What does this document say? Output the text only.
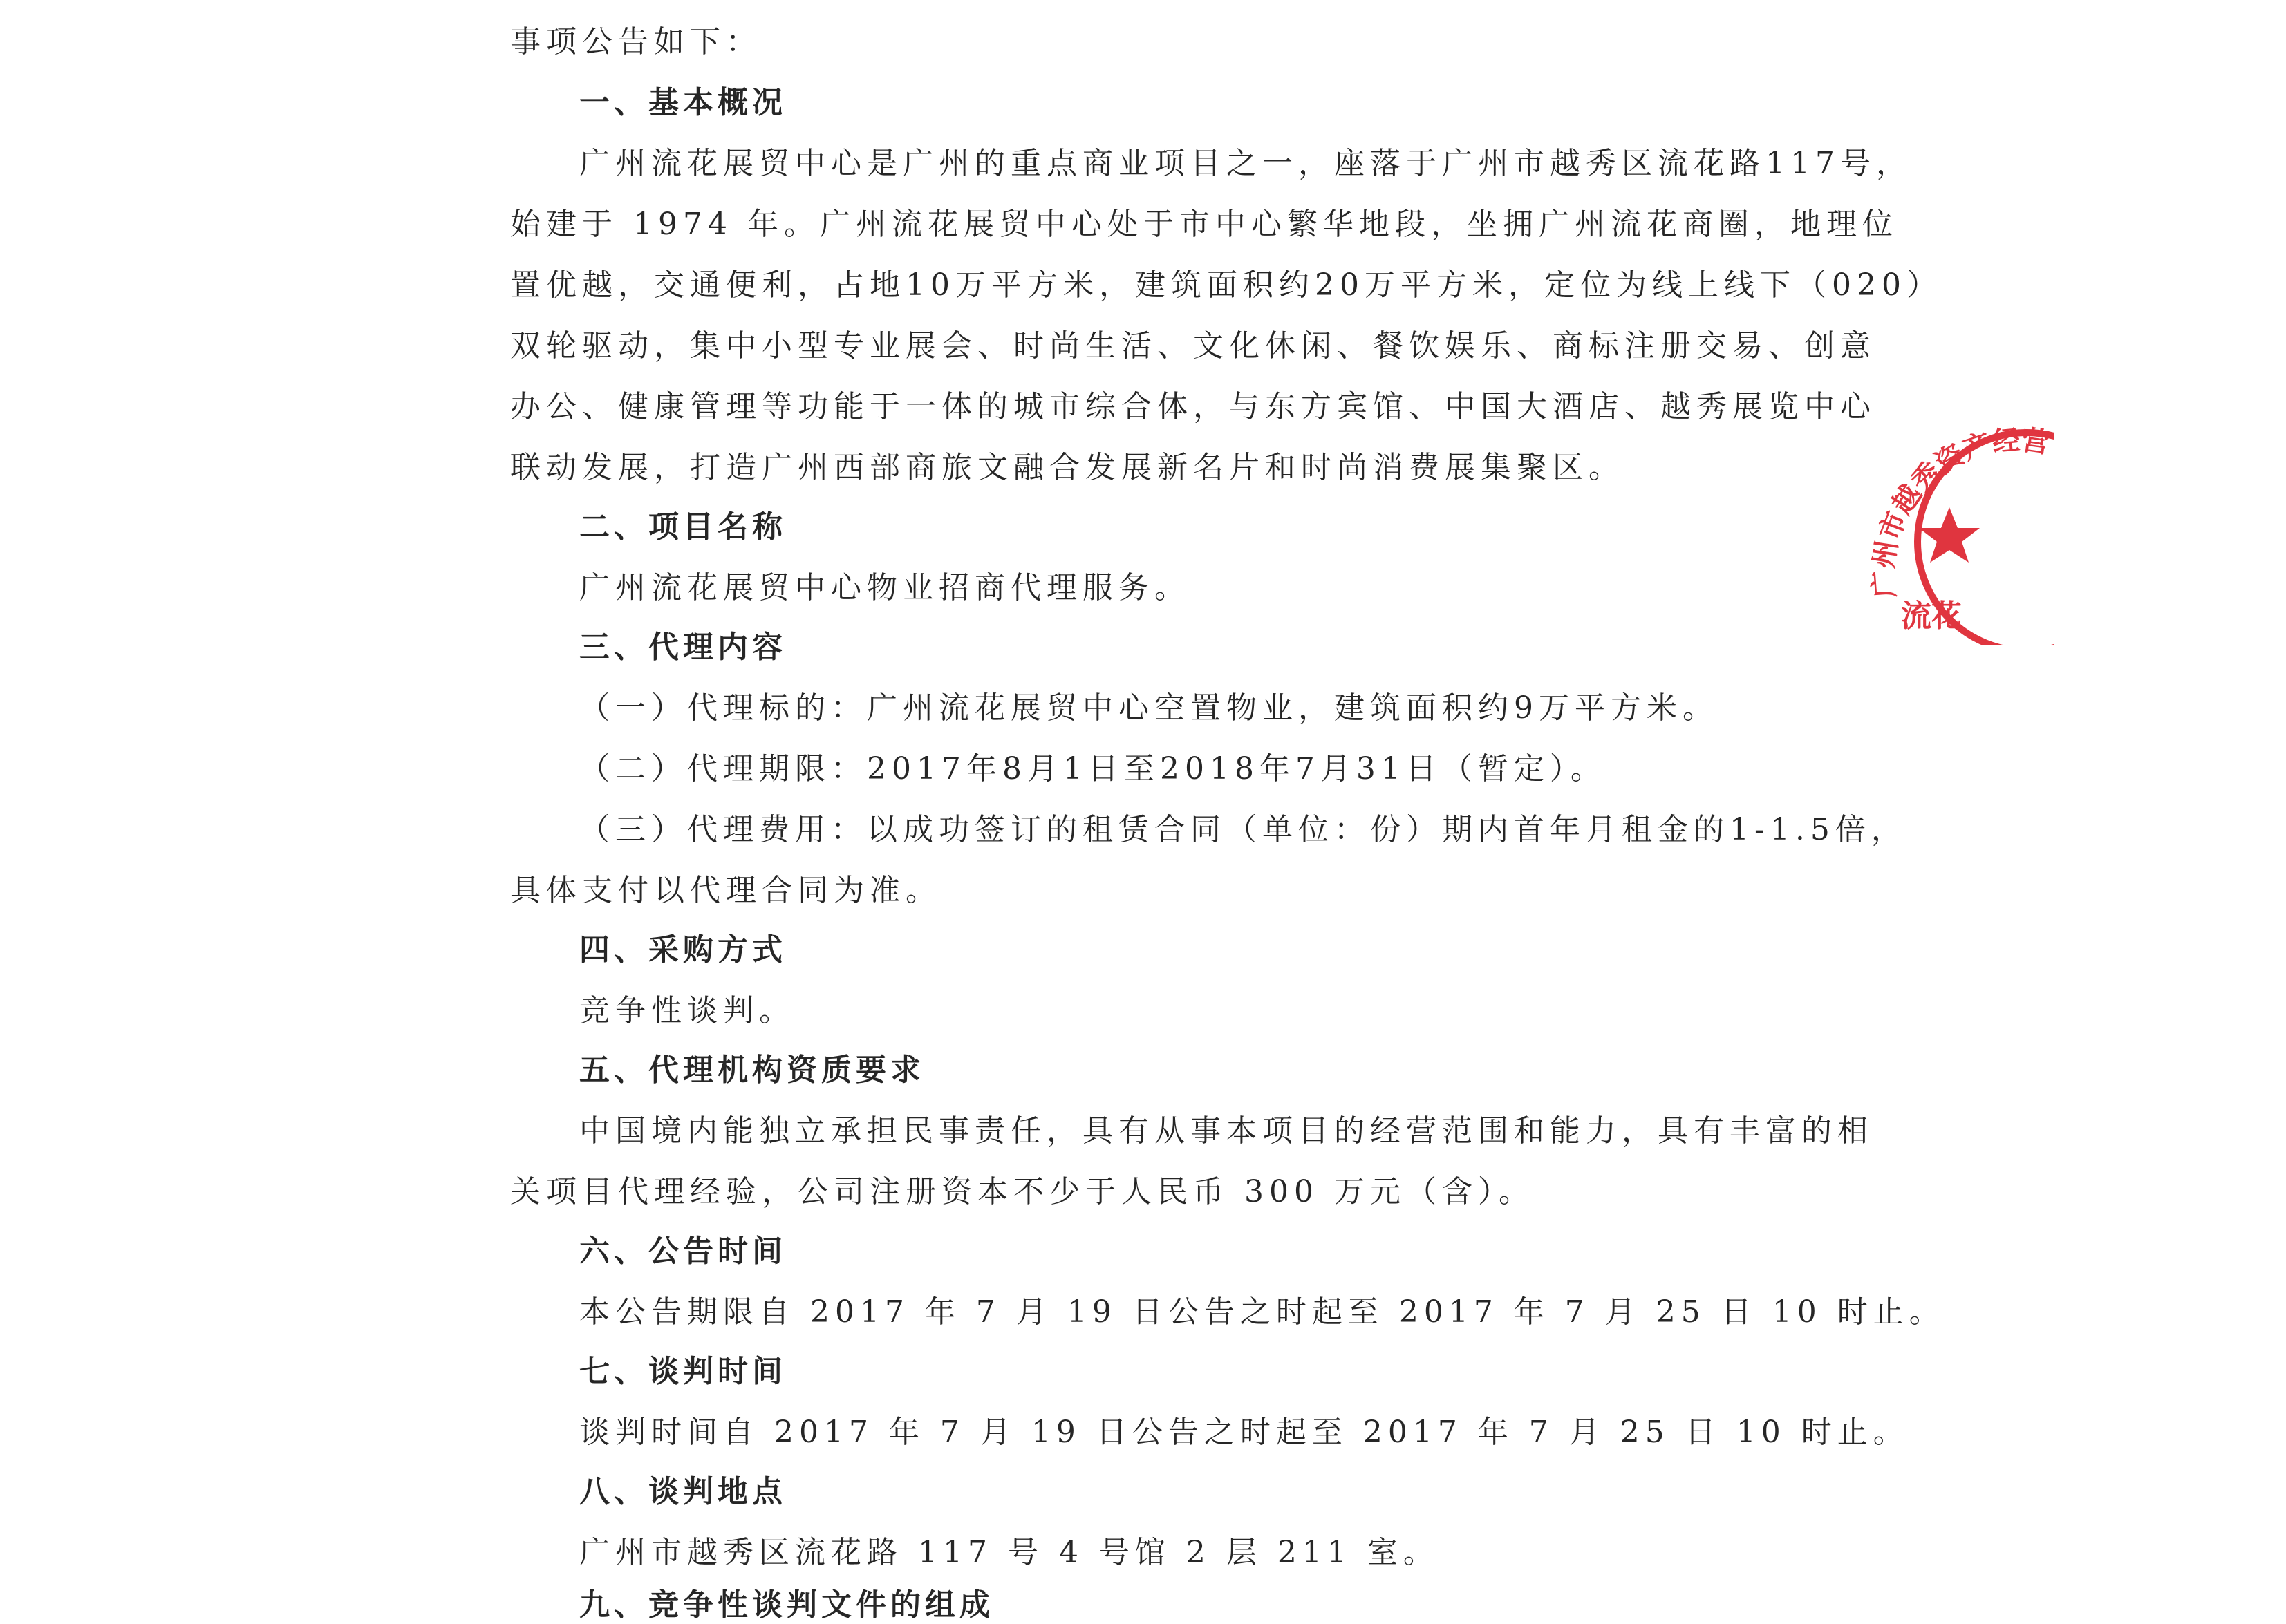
事项公告如下：
一、基本概况
广州流花展贸中心是广州的重点商业项目之一，座落于广州市越秀区流花路117号，
始建于 1974 年。广州流花展贸中心处于市中心繁华地段，坐拥广州流花商圈，地理位
置优越，交通便利，占地10万平方米，建筑面积约20万平方米，定位为线上线下（020）
双轮驱动，集中小型专业展会、时尚生活、文化休闲、餐饮娱乐、商标注册交易、创意
办公、健康管理等功能于一体的城市综合体，与东方宾馆、中国大酒店、越秀展览中心
联动发展，打造广州西部商旅文融合发展新名片和时尚消费展集聚区。
二、项目名称
广州流花展贸中心物业招商代理服务。
三、代理内容
（一）代理标的：广州流花展贸中心空置物业，建筑面积约9万平方米。
（二）代理期限：2017年8月1日至2018年7月31日（暂定）。
（三）代理费用：以成功签订的租赁合同（单位：份）期内首年月租金的1-1.5倍，
具体支付以代理合同为准。
四、采购方式
竞争性谈判。
五、代理机构资质要求
中国境内能独立承担民事责任，具有从事本项目的经营范围和能力，具有丰富的相
关项目代理经验，公司注册资本不少于人民币 300 万元（含）。
六、公告时间
本公告期限自 2017 年 7 月 19 日公告之时起至 2017 年 7 月 25 日 10 时止。
七、谈判时间
谈判时间自 2017 年 7 月 19 日公告之时起至 2017 年 7 月 25 日 10 时止。
八、谈判地点
广州市越秀区流花路 117 号 4 号馆 2 层 211 室。
九、竞争性谈判文件的组成
广州市越秀资产经营
流花
